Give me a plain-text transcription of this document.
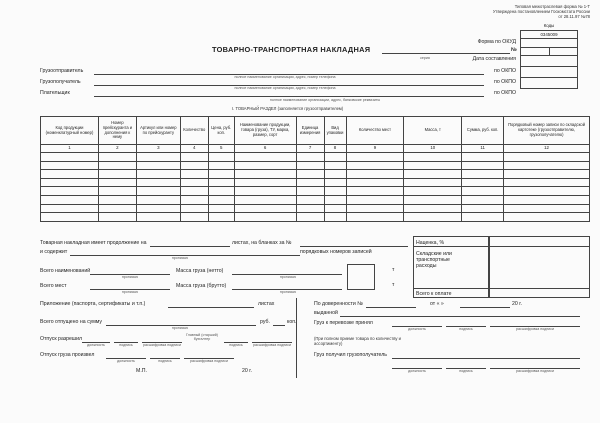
Типовая межотраслевая форма № 1-Т
Утверждена постановлением Госкомстата России
от 28.11.97 №78
Коды
0345009

Форма по ОКУД
Дата составления
по ОКПО
по ОКПО
по ОКПО
ТОВАРНО-ТРАНСПОРТНАЯ НАКЛАДНАЯ	№
серия
Грузоотправитель
полное наименование организации, адрес, номер телефона
Грузополучатель
полное наименование организации, адрес, номер телефона
Плательщик
полное наименование организации, адрес, банковские реквизиты
I. ТОВАРНЫЙ РАЗДЕЛ (заполняется грузоотправителем)
Код продукции (номенклатурный номер)	Номер прейскуранта и дополнения к нему	Артикул или номер по прейскуранту	Количество	Цена, руб. коп.	Наименование продукции, товара (груза), ТУ, марка, размер, сорт	Единица измерения	Вид упаковки	Количество мест	Масса, т	Сумма, руб. коп.	Порядковый номер записи по складской картотеке (грузоотправителю, грузополучателю)
1	2	3	4	5	6	7	8	9	10	11	12

Товарная накладная имеет продолжение на	листах, на бланках за №
и содержит	порядковых номеров записей
прописью
Всего наименований
прописью
Масса груза (нетто)
прописью
Всего мест
прописью
Масса груза (брутто)
прописью
т
т
Приложение (паспорта, сертификаты и т.п.)	листах
Всего отпущено на сумму
прописью
руб.	коп.
Отпуск разрешил
Главный (старший) бухгалтер
должность	подпись	расшифровка подписи	подпись	расшифровка подписи
Отпуск груза произвел
должность	подпись	расшифровка подписи
М.П.	20 г.
Наценка, %
Складские или транспортные расходы
Всего к оплате
По доверенности №	от « »	20 г.
выданной
Груз к перевозке принял
должность	подпись	расшифровка подписи
(При полном приеме товара по количеству и ассортименту)
Груз получил грузополучатель
должность	подпись	расшифровка подписи
